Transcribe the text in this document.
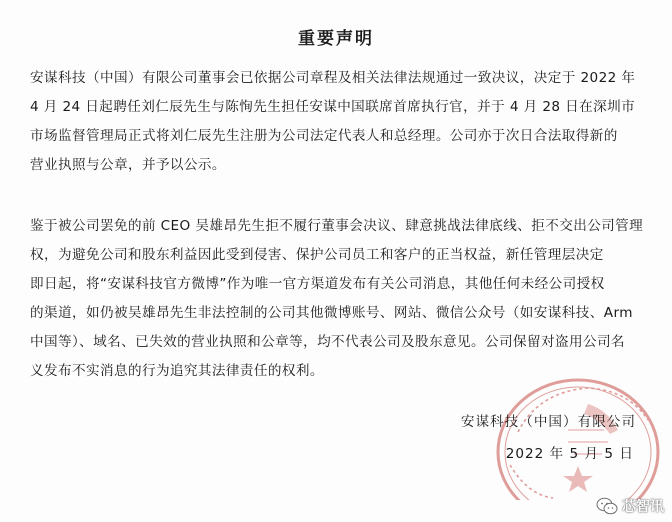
重要声明
安谋科技（中国）有限公司董事会已依据公司章程及相关法律法规通过一致决议，决定于 2022 年
4 月 24 日起聘任刘仁辰先生与陈恂先生担任安谋中国联席首席执行官，并于 4 月 28 日在深圳市
市场监督管理局正式将刘仁辰先生注册为公司法定代表人和总经理。公司亦于次日合法取得新的
营业执照与公章，并予以公示。
鉴于被公司罢免的前 CEO 吴雄昂先生拒不履行董事会决议、肆意挑战法律底线、拒不交出公司管理
权，为避免公司和股东利益因此受到侵害、保护公司员工和客户的正当权益，新任管理层决定
即日起，将“安谋科技官方微博”作为唯一官方渠道发布有关公司消息，其他任何未经公司授权
的渠道，如仍被吴雄昂先生非法控制的公司其他微博账号、网站、微信公众号（如安谋科技、Arm
中国等）、域名、已失效的营业执照和公章等，均不代表公司及股东意见。公司保留对盗用公司名
义发布不实消息的行为追究其法律责任的权利。
安谋科技（中国）有限公司
2022 年 5 月 5 日
芯智讯
